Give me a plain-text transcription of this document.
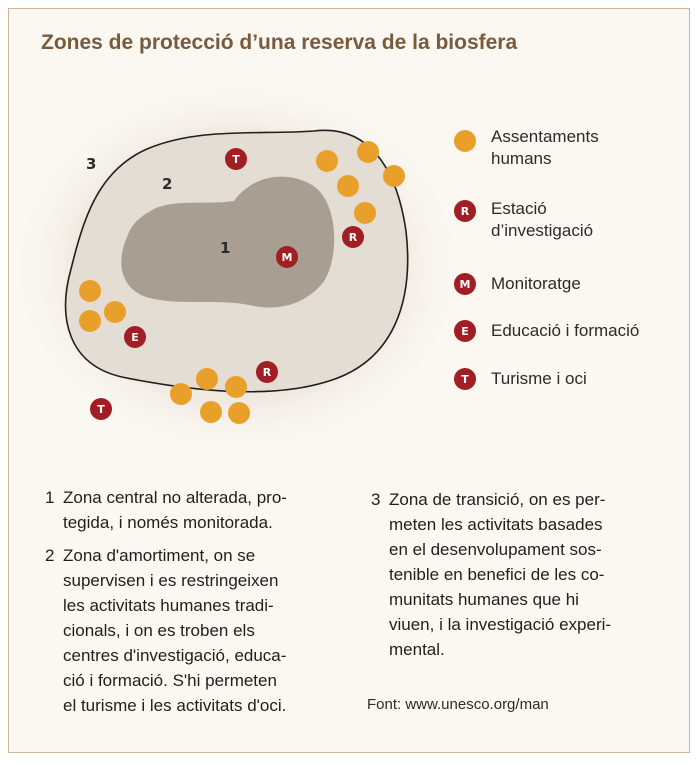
Zones de protecció d’una reserva de la biosfera
3
2
1
T
R
M
E
R
T
R
M
E
T
Assentaments
humans
Estació
d’investigació
Monitoratge
Educació i formació
Turisme i oci
1 Zona central no alterada, pro-
tegida, i només monitorada.
2 Zona d'amortiment, on se
supervisen i es restringeixen
les activitats humanes tradi-
cionals, i on es troben els
centres d'investigació, educa-
ció i formació. S'hi permeten
el turisme i les activitats d'oci.
3 Zona de transició, on es per-
meten les activitats basades
en el desenvolupament sos-
tenible en benefici de les co-
munitats humanes que hi
viuen, i la investigació experi-
mental.
Font: www.unesco.org/man
